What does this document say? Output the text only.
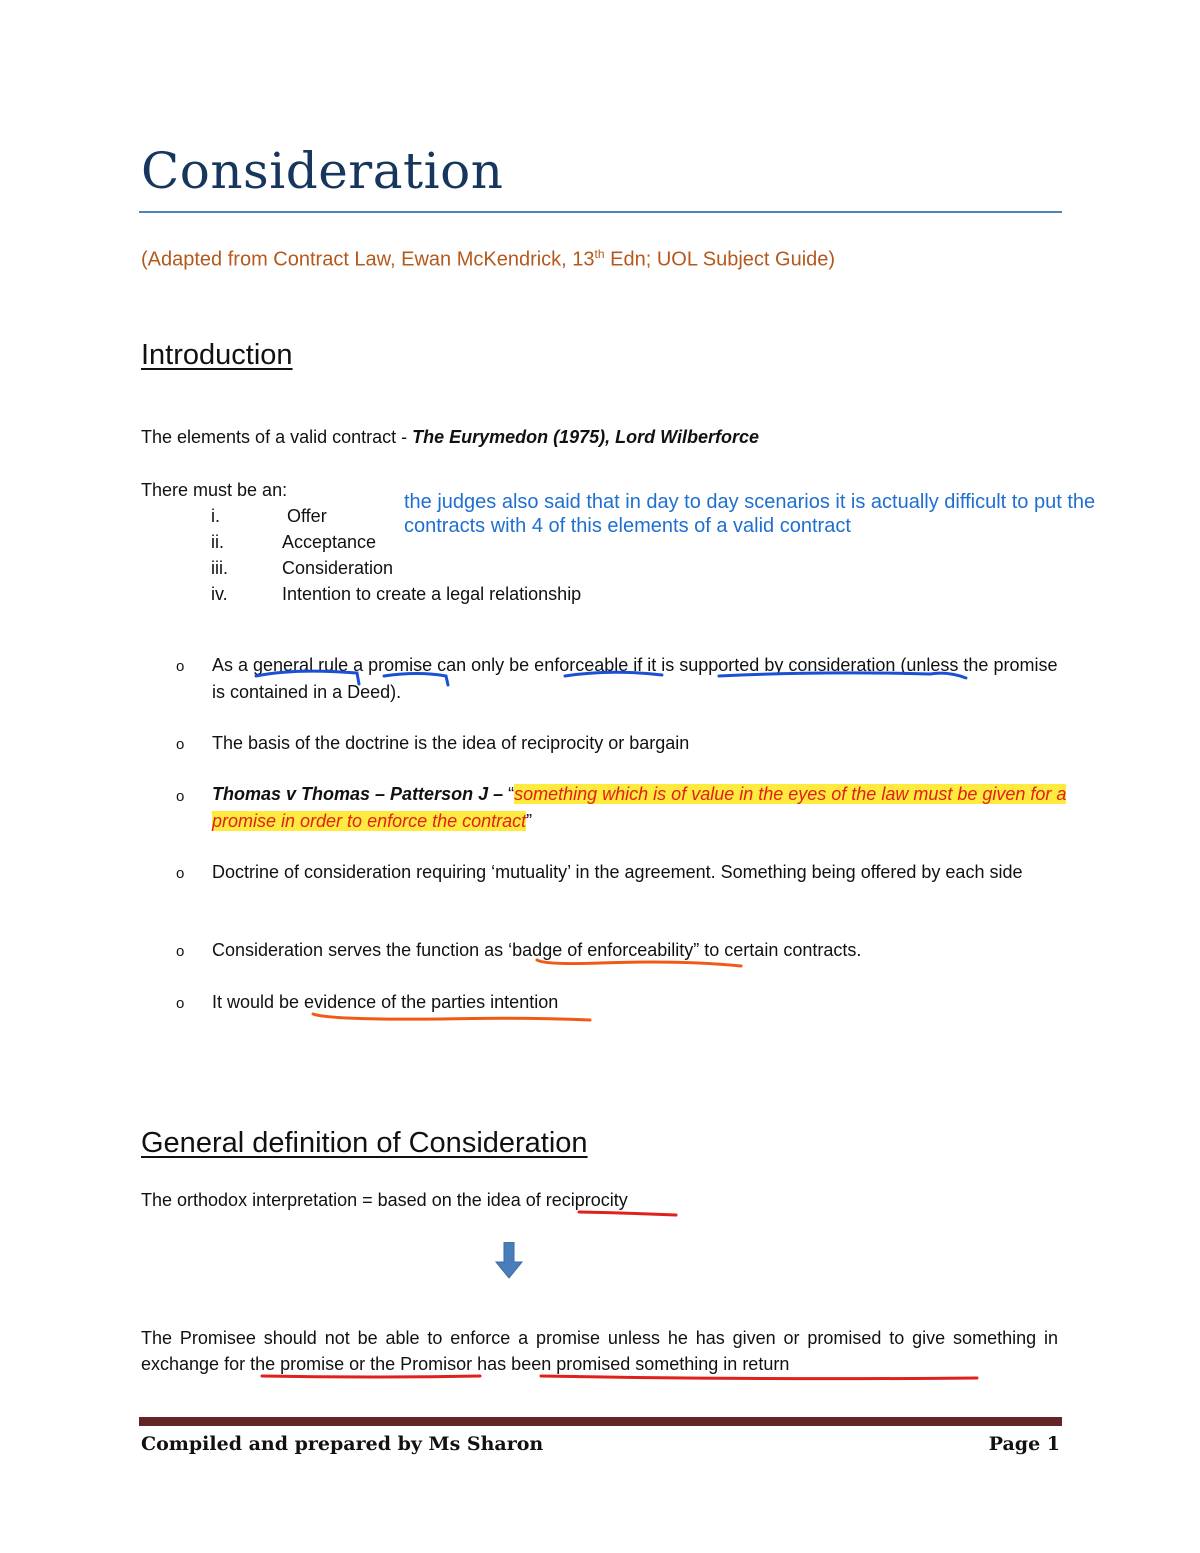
Consideration
(Adapted from Contract Law, Ewan McKendrick, 13th Edn; UOL Subject Guide)
Introduction
The elements of a valid contract - The Eurymedon (1975), Lord Wilberforce
There must be an:
i.	Offer
ii.	Acceptance
iii.	Consideration
iv.	Intention to create a legal relationship
the judges also said that in day to day scenarios it is actually difficult to put the
contracts with 4 of this elements of a valid contract
o As a general rule a promise can only be enforceable if it is supported by consideration (unless the promise is contained in a Deed).
o The basis of the doctrine is the idea of reciprocity or bargain
o Thomas v Thomas – Patterson J – “something which is of value in the eyes of the law must be given for a promise in order to enforce the contract”
o Doctrine of consideration requiring ‘mutuality’ in the agreement. Something being offered by each side
o Consideration serves the function as ‘badge of enforceability” to certain contracts.
o It would be evidence of the parties intention
General definition of Consideration
The orthodox interpretation = based on the idea of reciprocity
The Promisee should not be able to enforce a promise unless he has given or promised to give something in exchange for the promise or the Promisor has been promised something in return
Compiled and prepared by Ms Sharon	Page 1
